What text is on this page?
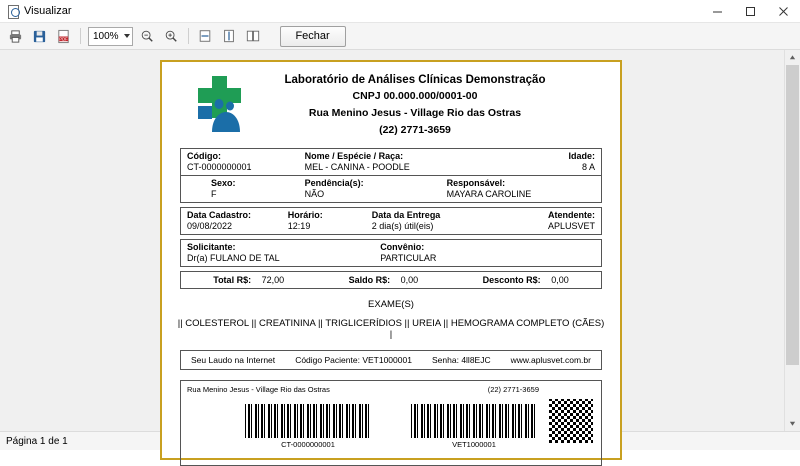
Visualizar
PDF	100%	Fechar
Laboratório de Análises Clínicas Demonstração
CNPJ 00.000.000/0001-00
Rua Menino Jesus - Village Rio das Ostras
(22) 2771-3659
Código:
CT-0000000001
Nome / Espécie / Raça:
MEL - CANINA - POODLE
Idade:
8 A
Sexo:
F
Pendência(s):
NÃO
Responsável:
MAYARA CAROLINE
Data Cadastro:
09/08/2022
Horário:
12:19
Data da Entrega
2 dia(s) útil(eis)
Atendente:
APLUSVET
Solicitante:
Dr(a) FULANO DE TAL
Convênio:
PARTICULAR
Total R$: 72,00	Saldo R$: 0,00	Desconto R$: 0,00
EXAME(S)
|| COLESTEROL || CREATININA || TRIGLICERÍDIOS || UREIA || HEMOGRAMA COMPLETO (CÃES) |
Seu Laudo na Internet Código Paciente: VET1000001 Senha: 4ll8EJC www.aplusvet.com.br
Rua Menino Jesus - Village Rio das Ostras	(22) 2771-3659
CT-0000000001	VET1000001
Página 1 de 1
